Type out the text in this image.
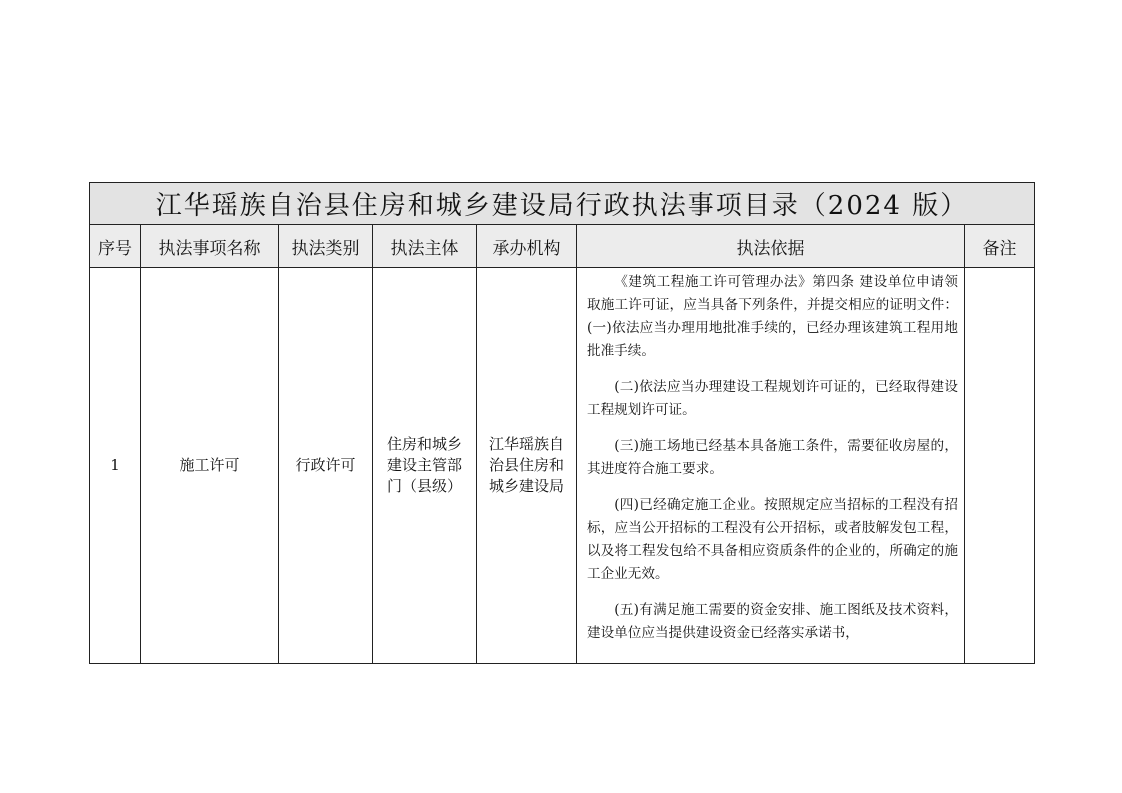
江华瑶族自治县住房和城乡建设局行政执法事项目录（2024 版）						
序号	执法事项名称	执法类别	执法主体	承办机构	执法依据	备注
1	施工许可	行政许可	住房和城乡建设主管部门（县级）	江华瑶族自治县住房和城乡建设局	《建筑工程施工许可管理办法》第四条 建设单位申请领取施工许可证，应当具备下列条件，并提交相应的证明文件：(一)依法应当办理用地批准手续的，已经办理该建筑工程用地批准手续。

(二)依法应当办理建设工程规划许可证的，已经取得建设工程规划许可证。

(三)施工场地已经基本具备施工条件，需要征收房屋的，其进度符合施工要求。

(四)已经确定施工企业。按照规定应当招标的工程没有招标，应当公开招标的工程没有公开招标，或者肢解发包工程，以及将工程发包给不具备相应资质条件的企业的，所确定的施工企业无效。

(五)有满足施工需要的资金安排、施工图纸及技术资料，建设单位应当提供建设资金已经落实承诺书，	
